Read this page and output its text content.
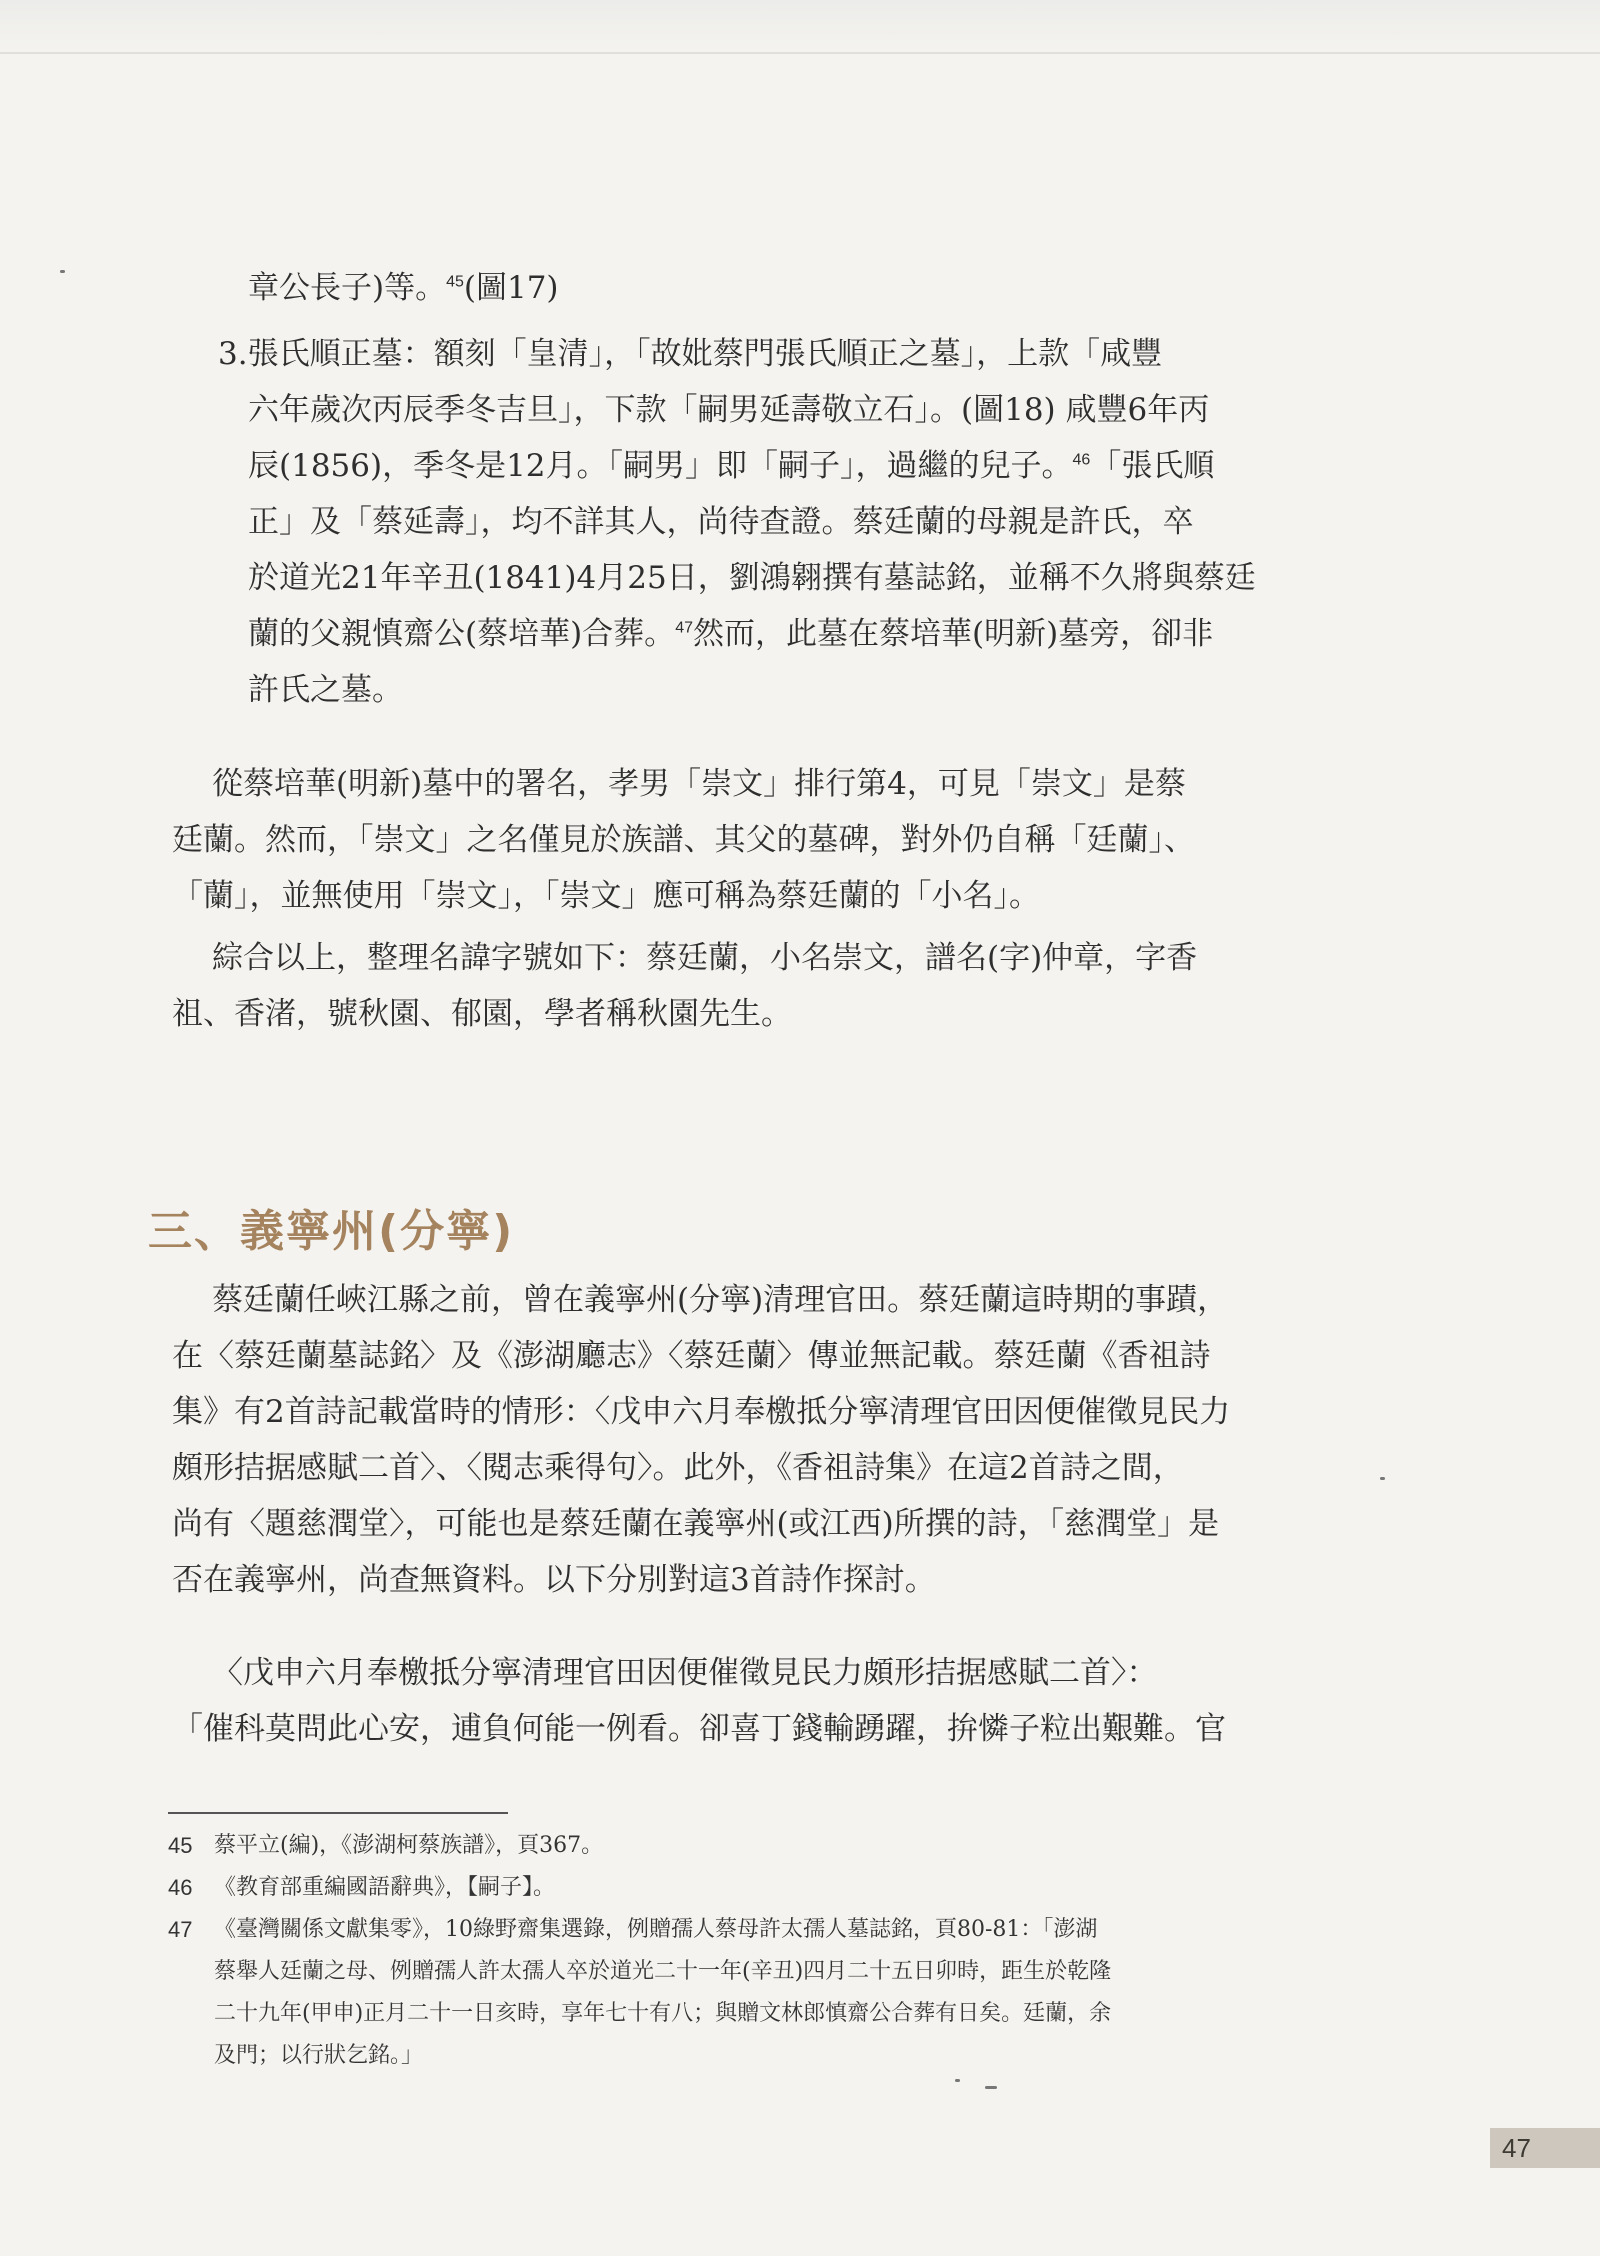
章公長子)等。$^{45}$(圖17)
3.張氏順正墓：額刻「皇清」，「故妣蔡門張氏順正之墓」，上款「咸豐
六年歲次丙辰季冬吉旦」，下款「嗣男延壽敬立石」。(圖18) 咸豐6年丙
辰(1856)，季冬是12月。「嗣男」即「嗣子」，過繼的兒子。$^{46}$「張氏順
正」及「蔡延壽」，均不詳其人，尚待查證。蔡廷蘭的母親是許氏，卒
於道光21年辛丑(1841)4月25日，劉鴻翱撰有墓誌銘，並稱不久將與蔡廷
蘭的父親慎齋公(蔡培華)合葬。$^{47}$然而，此墓在蔡培華(明新)墓旁，卻非
許氏之墓。
從蔡培華(明新)墓中的署名，孝男「崇文」排行第4，可見「崇文」是蔡
廷蘭。然而，「崇文」之名僅見於族譜、其父的墓碑，對外仍自稱「廷蘭」、
「蘭」，並無使用「崇文」，「崇文」應可稱為蔡廷蘭的「小名」。
綜合以上，整理名諱字號如下：蔡廷蘭，小名崇文，譜名(字)仲章，字香
祖、香渚，號秋園、郁園，學者稱秋園先生。
三、義寧州(分寧)
蔡廷蘭任峽江縣之前，曾在義寧州(分寧)清理官田。蔡廷蘭這時期的事蹟，
在〈蔡廷蘭墓誌銘〉及《澎湖廳志》〈蔡廷蘭〉傳並無記載。蔡廷蘭《香祖詩
集》有2首詩記載當時的情形：〈戊申六月奉檄抵分寧清理官田因便催徵見民力
頗形拮据感賦二首〉、〈閱志乘得句〉。此外，《香祖詩集》在這2首詩之間，
尚有〈題慈潤堂〉，可能也是蔡廷蘭在義寧州(或江西)所撰的詩，「慈潤堂」是
否在義寧州，尚查無資料。以下分別對這3首詩作探討。
〈戊申六月奉檄抵分寧清理官田因便催徵見民力頗形拮据感賦二首〉：
「催科莫問此心安，逋負何能一例看。卻喜丁錢輸踴躍，拚憐子粒出艱難。官
45 蔡平立(編)，《澎湖柯蔡族譜》，頁367。
46 《教育部重編國語辭典》，【嗣子】。
47 《臺灣關係文獻集零》，10綠野齋集選錄，例贈孺人蔡母許太孺人墓誌銘，頁80-81：「澎湖
蔡舉人廷蘭之母、例贈孺人許太孺人卒於道光二十一年(辛丑)四月二十五日卯時，距生於乾隆
二十九年(甲申)正月二十一日亥時，享年七十有八；與贈文林郎慎齋公合葬有日矣。廷蘭，余
及門；以行狀乞銘。」
47
